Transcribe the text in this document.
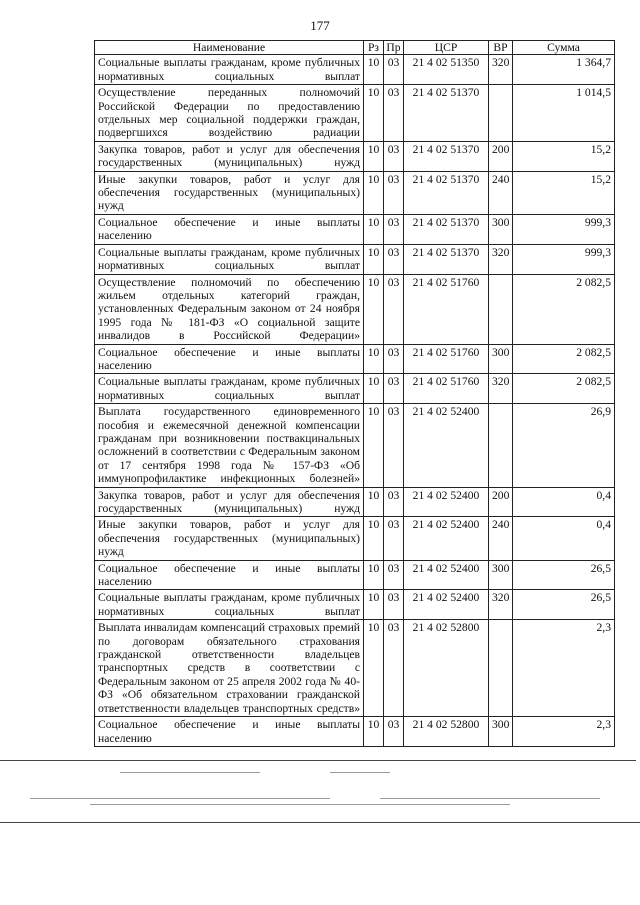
177
Наименование	Рз	Пр	ЦСР	ВР	Сумма
Социальные выплаты гражданам, кроме публичных нормативных социальных выплат	10	03	21 4 02 51350	320	1 364,7
Осуществление переданных полномочий Российской Федерации по предоставлению отдельных мер социальной поддержки граждан, подвергшихся воздействию радиации	10	03	21 4 02 51370		1 014,5
Закупка товаров, работ и услуг для обеспечения государственных (муниципальных) нужд	10	03	21 4 02 51370	200	15,2
Иные закупки товаров, работ и услуг для обеспечения государственных (муниципальных) нужд	10	03	21 4 02 51370	240	15,2
Социальное обеспечение и иные выплаты населению	10	03	21 4 02 51370	300	999,3
Социальные выплаты гражданам, кроме публичных нормативных социальных выплат	10	03	21 4 02 51370	320	999,3
Осуществление полномочий по обеспечению жильем отдельных категорий граждан, установленных Федеральным законом от 24 ноября 1995 года № 181-ФЗ «О социальной защите инвалидов в Российской Федерации»	10	03	21 4 02 51760		2 082,5
Социальное обеспечение и иные выплаты населению	10	03	21 4 02 51760	300	2 082,5
Социальные выплаты гражданам, кроме публичных нормативных социальных выплат	10	03	21 4 02 51760	320	2 082,5
Выплата государственного единовременного пособия и ежемесячной денежной компенсации гражданам при возникновении поствакцинальных осложнений в соответствии с Федеральным законом от 17 сентября 1998 года № 157-ФЗ «Об иммунопрофилактике инфекционных болезней»	10	03	21 4 02 52400		26,9
Закупка товаров, работ и услуг для обеспечения государственных (муниципальных) нужд	10	03	21 4 02 52400	200	0,4
Иные закупки товаров, работ и услуг для обеспечения государственных (муниципальных) нужд	10	03	21 4 02 52400	240	0,4
Социальное обеспечение и иные выплаты населению	10	03	21 4 02 52400	300	26,5
Социальные выплаты гражданам, кроме публичных нормативных социальных выплат	10	03	21 4 02 52400	320	26,5
Выплата инвалидам компенсаций страховых премий по договорам обязательного страхования гражданской ответственности владельцев транспортных средств в соответствии с Федеральным законом от 25 апреля 2002 года № 40-ФЗ «Об обязательном страховании гражданской ответственности владельцев транспортных средств»	10	03	21 4 02 52800		2,3
Социальное обеспечение и иные выплаты населению	10	03	21 4 02 52800	300	2,3
